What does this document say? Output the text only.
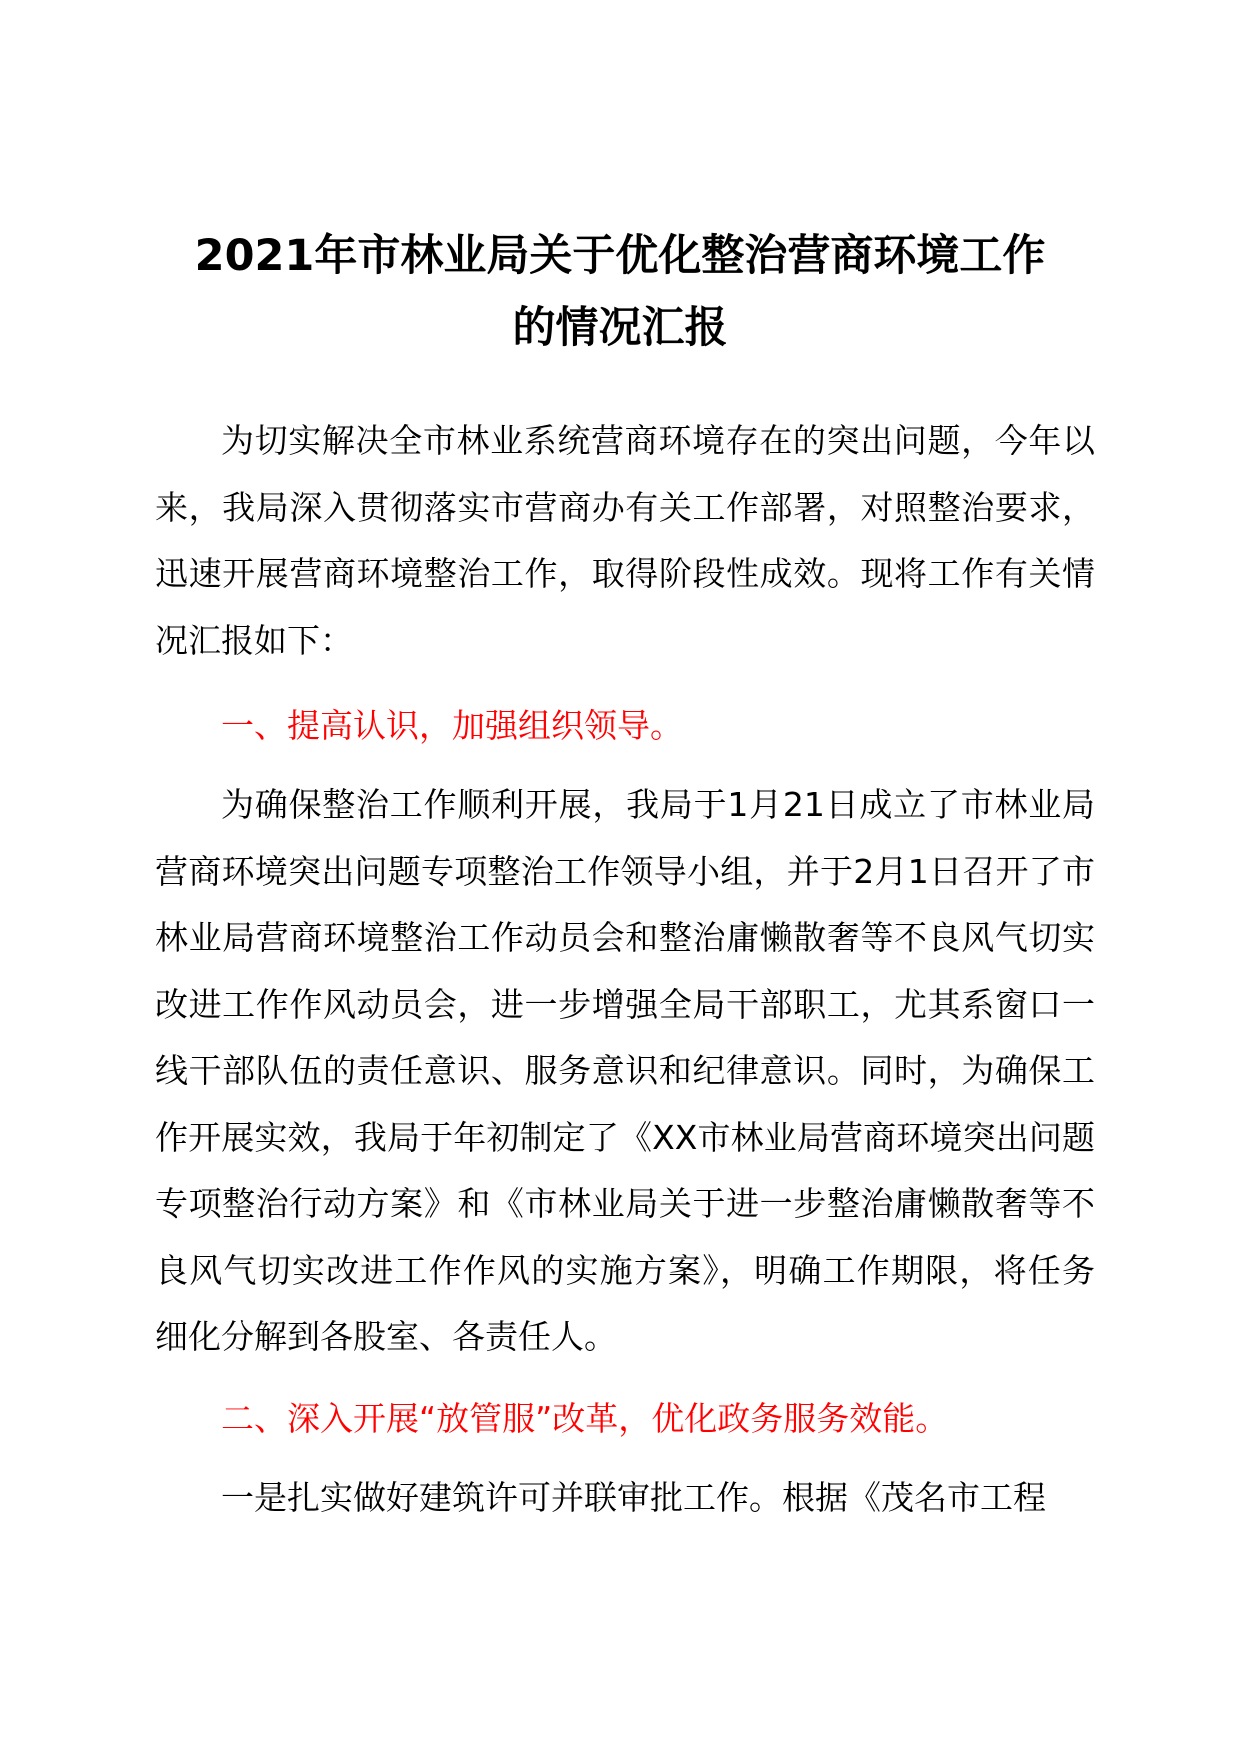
2021年市林业局关于优化整治营商环境工作
的情况汇报
为切实解决全市林业系统营商环境存在的突出问题，今年以来，我局深入贯彻落实市营商办有关工作部署，对照整治要求，迅速开展营商环境整治工作，取得阶段性成效。现将工作有关情况汇报如下：
一、提高认识，加强组织领导。
为确保整治工作顺利开展，我局于1月21日成立了市林业局营商环境突出问题专项整治工作领导小组，并于2月1日召开了市林业局营商环境整治工作动员会和整治庸懒散奢等不良风气切实改进工作作风动员会，进一步增强全局干部职工，尤其系窗口一线干部队伍的责任意识、服务意识和纪律意识。同时，为确保工作开展实效，我局于年初制定了《XX市林业局营商环境突出问题专项整治行动方案》和《市林业局关于进一步整治庸懒散奢等不良风气切实改进工作作风的实施方案》，明确工作期限，将任务细化分解到各股室、各责任人。
二、深入开展“放管服”改革，优化政务服务效能。
一是扎实做好建筑许可并联审批工作。根据《茂名市工程
